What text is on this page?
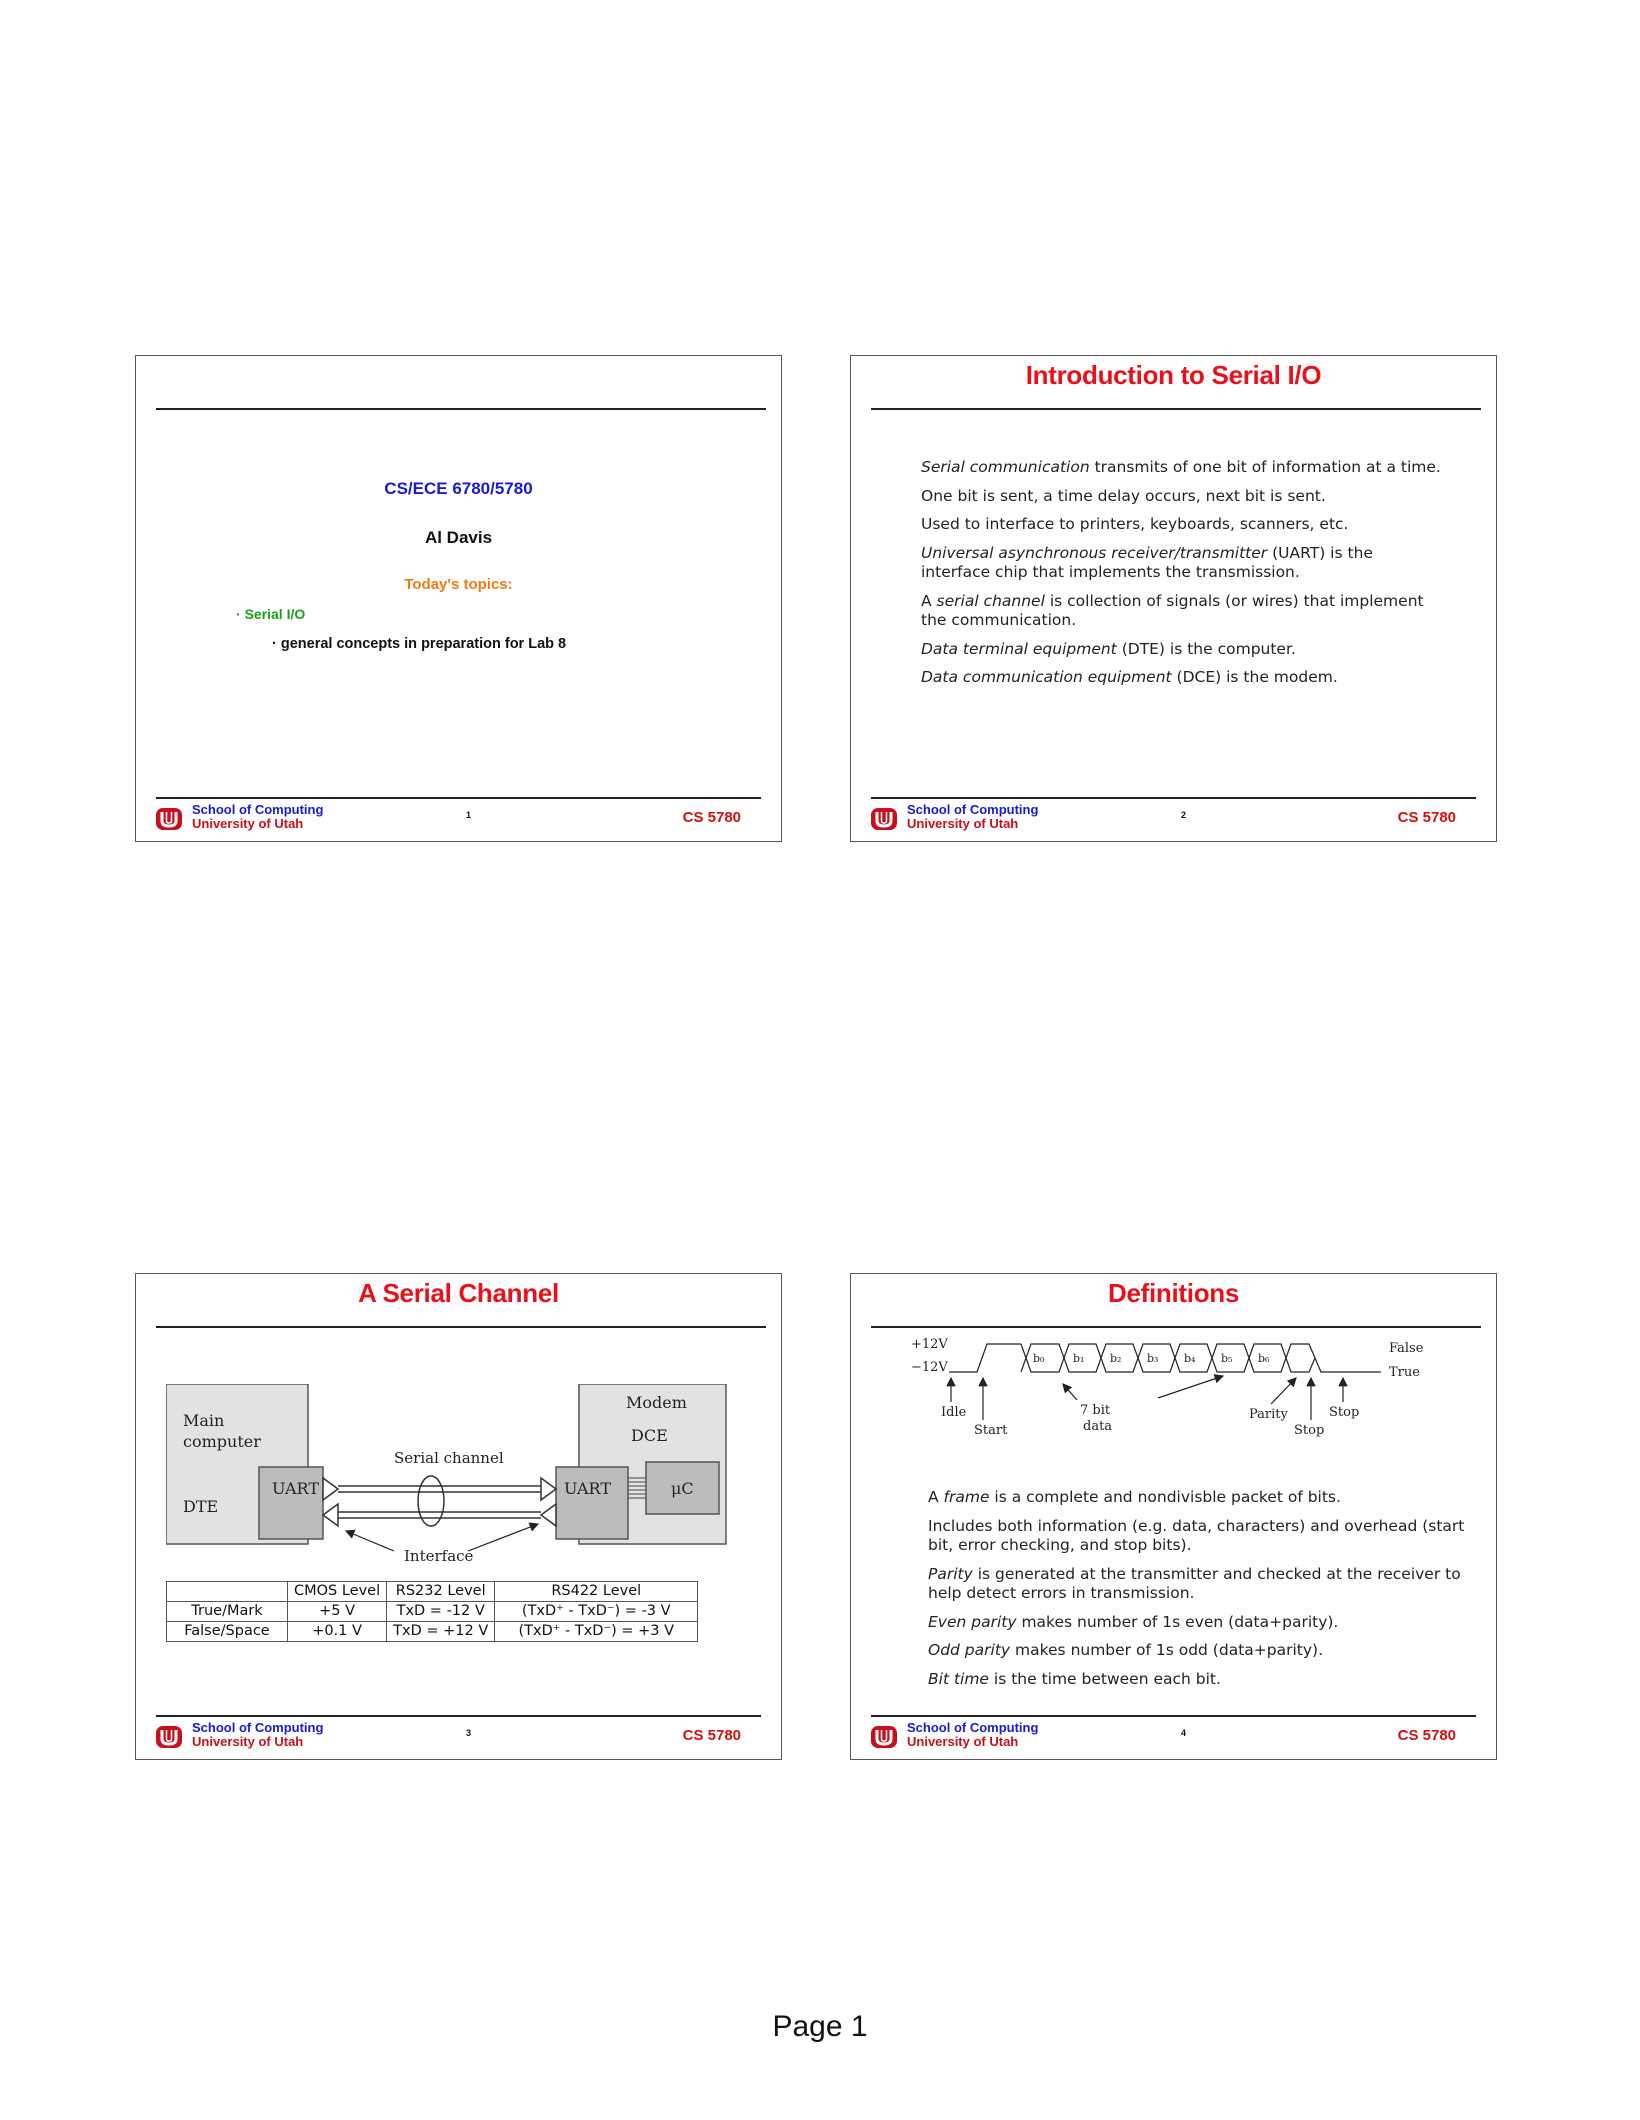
CS/ECE 6780/5780
Al Davis
Today's topics:
· Serial I/O
· general concepts in preparation for Lab 8
School of Computing
University of Utah
1	CS 5780
Introduction to Serial I/O

Serial communication transmits of one bit of information at a time.

One bit is sent, a time delay occurs, next bit is sent.

Used to interface to printers, keyboards, scanners, etc.

Universal asynchronous receiver/transmitter (UART) is the interface chip that implements the transmission.

A serial channel is collection of signals (or wires) that implement the communication.

Data terminal equipment (DTE) is the computer.

Data communication equipment (DCE) is the modem.

School of Computing
University of Utah
2	CS 5780
A Serial Channel
Main computer
DTE
UART
Modem
DCE
UART	μC
Serial channel
Interface
	CMOS Level	RS232 Level	RS422 Level
True/Mark	+5 V	TxD = -12 V	(TxD⁺ - TxD⁻) = -3 V
False/Space	+0.1 V	TxD = +12 V	(TxD⁺ - TxD⁻) = +3 V
School of Computing
University of Utah
3	CS 5780
Definitions
+12V
−12V
False
True
Idle
Start
7 bit
data
Parity	Stop
Stop
b₀	b₁ b₂ b₃ b₄ b₅ b₆

A frame is a complete and nondivisble packet of bits.

Includes both information (e.g. data, characters) and overhead (start bit, error checking, and stop bits).

Parity is generated at the transmitter and checked at the receiver to help detect errors in transmission.

Even parity makes number of 1s even (data+parity).

Odd parity makes number of 1s odd (data+parity).

Bit time is the time between each bit.

School of Computing
University of Utah
4	CS 5780
Page 1
